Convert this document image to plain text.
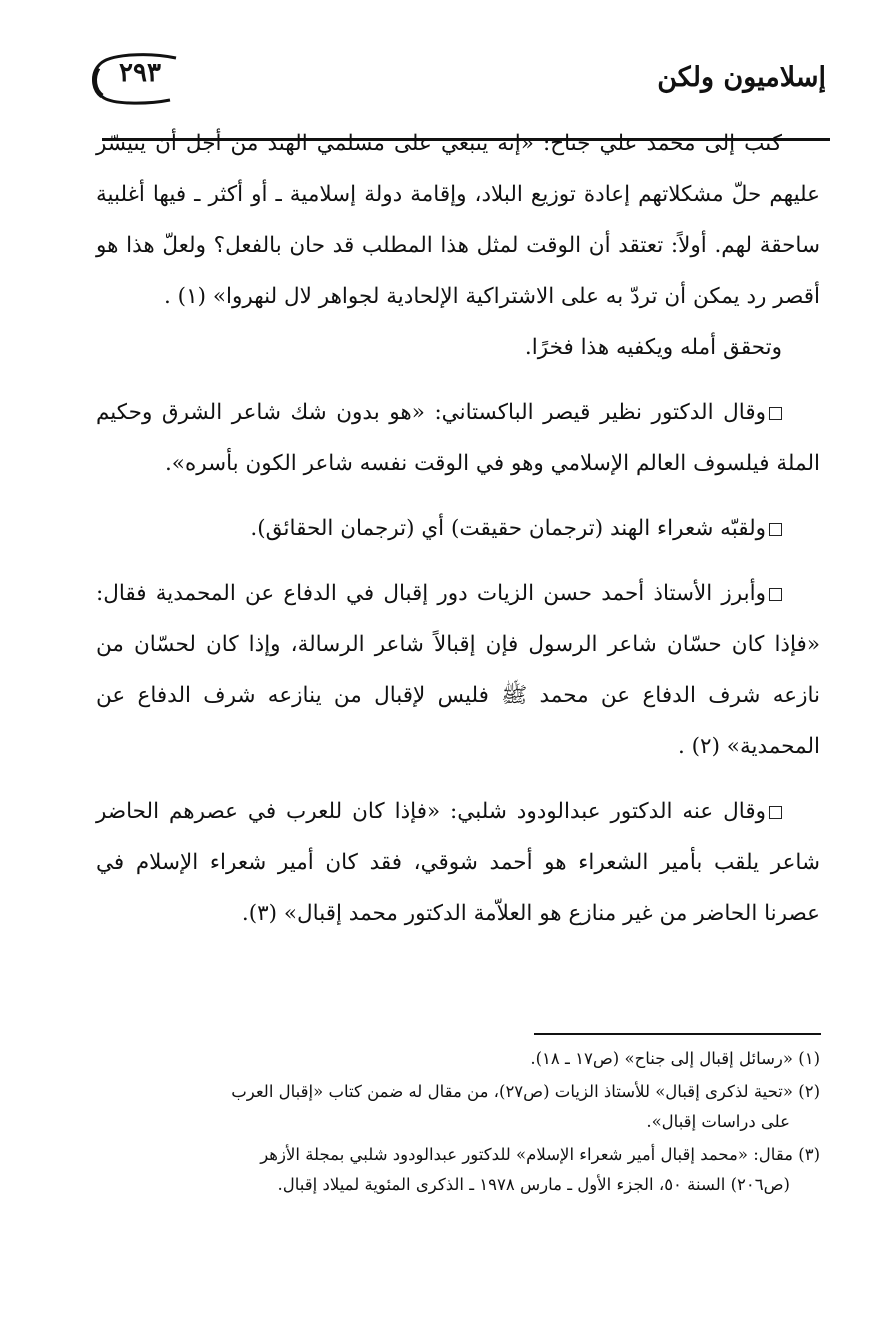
إسلاميون ولكن
٢٩٣

كتب إلى محمد علي جناح: «إنه ينبغي على مسلمي الهند من أجل أن يتيسّر عليهم حلّ مشكلاتهم إعادة توزيع البلاد، وإقامة دولة إسلامية ـ أو أكثر ـ فيها أغلبية ساحقة لهم. أولاً: تعتقد أن الوقت لمثل هذا المطلب قد حان بالفعل؟ ولعلّ هذا هو أقصر رد يمكن أن تردّ به على الاشتراكية الإلحادية لجواهر لال لنهروا» (١) .

وتحقق أمله ويكفيه هذا فخرًا.

وقال الدكتور نظير قيصر الباكستاني: «هو بدون شك شاعر الشرق وحكيم الملة فيلسوف العالم الإسلامي وهو في الوقت نفسه شاعر الكون بأسره».

ولقبّه شعراء الهند (ترجمان حقيقت) أي (ترجمان الحقائق).

وأبرز الأستاذ أحمد حسن الزيات دور إقبال في الدفاع عن المحمدية فقال: «فإذا كان حسّان شاعر الرسول فإن إقبالاً شاعر الرسالة، وإذا كان لحسّان من نازعه شرف الدفاع عن محمد ﷺ فليس لإقبال من ينازعه شرف الدفاع عن المحمدية» (٢) .

وقال عنه الدكتور عبدالودود شلبي: «فإذا كان للعرب في عصرهم الحاضر شاعر يلقب بأمير الشعراء هو أحمد شوقي، فقد كان أمير شعراء الإسلام في عصرنا الحاضر من غير منازع هو العلاّمة الدكتور محمد إقبال» (٣).

(١) «رسائل إقبال إلى جناح» (ص١٧ ـ ١٨).
(٢) «تحية لذكرى إقبال» للأستاذ الزيات (ص٢٧)، من مقال له ضمن كتاب «إقبال العرب
على دراسات إقبال».
(٣) مقال: «محمد إقبال أمير شعراء الإسلام» للدكتور عبدالودود شلبي بمجلة الأزهر
(ص٢٠٦) السنة ٥٠، الجزء الأول ـ مارس ١٩٧٨ ـ الذكرى المئوية لميلاد إقبال.
